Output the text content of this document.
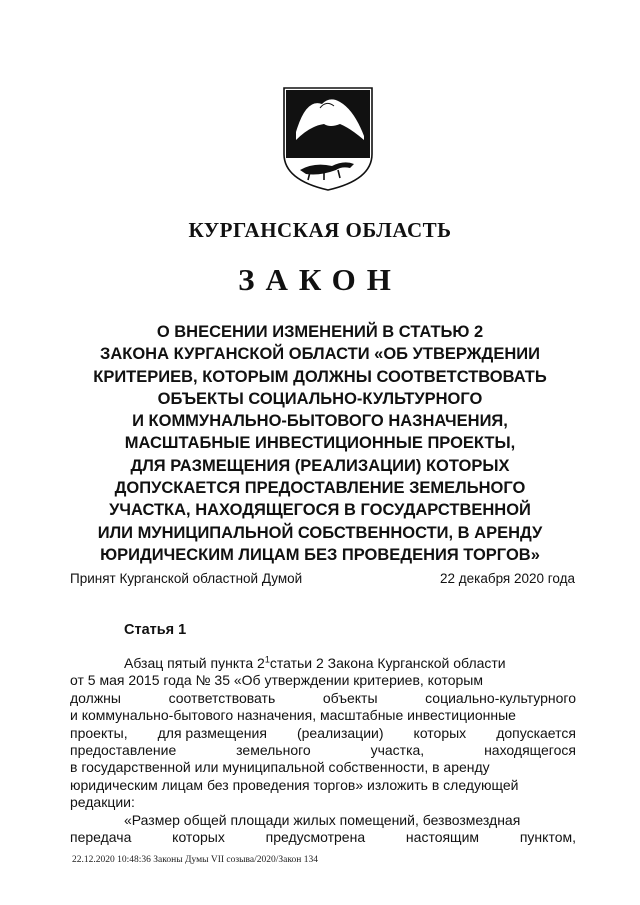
КУРГАНСКАЯ ОБЛАСТЬ
ЗАКОН
О ВНЕСЕНИИ ИЗМЕНЕНИЙ В СТАТЬЮ 2
ЗАКОНА КУРГАНСКОЙ ОБЛАСТИ «ОБ УТВЕРЖДЕНИИ
КРИТЕРИЕВ, КОТОРЫМ ДОЛЖНЫ СООТВЕТСТВОВАТЬ
ОБЪЕКТЫ СОЦИАЛЬНО-КУЛЬТУРНОГО
И КОММУНАЛЬНО-БЫТОВОГО НАЗНАЧЕНИЯ,
МАСШТАБНЫЕ ИНВЕСТИЦИОННЫЕ ПРОЕКТЫ,
ДЛЯ РАЗМЕЩЕНИЯ (РЕАЛИЗАЦИИ) КОТОРЫХ
ДОПУСКАЕТСЯ ПРЕДОСТАВЛЕНИЕ ЗЕМЕЛЬНОГО
УЧАСТКА, НАХОДЯЩЕГОСЯ В ГОСУДАРСТВЕННОЙ
ИЛИ МУНИЦИПАЛЬНОЙ СОБСТВЕННОСТИ, В АРЕНДУ
ЮРИДИЧЕСКИМ ЛИЦАМ БЕЗ ПРОВЕДЕНИЯ ТОРГОВ»
Принят Курганской областной Думой	22 декабря 2020 года
Статья 1
Абзац пятый пункта $2^1статьи$ 2 Закона Курганской области
от 5 мая 2015 года № 35 «Об утверждении критериев, которым
должны	соответствовать	объекты	социально-культурного
и коммунально-бытового назначения, масштабные инвестиционные
проекты, для размещения (реализации) которых допускается
предоставление	земельного	участка,	находящегося
в государственной или муниципальной собственности, в аренду
юридическим лицам без проведения торгов» изложить в следующей
редакции:
«Размер общей площади жилых помещений, безвозмездная
передача	которых	предусмотрена	настоящим	пунктом,
22.12.2020 10:48:36 Законы Думы VII созыва/2020/Закон 134
